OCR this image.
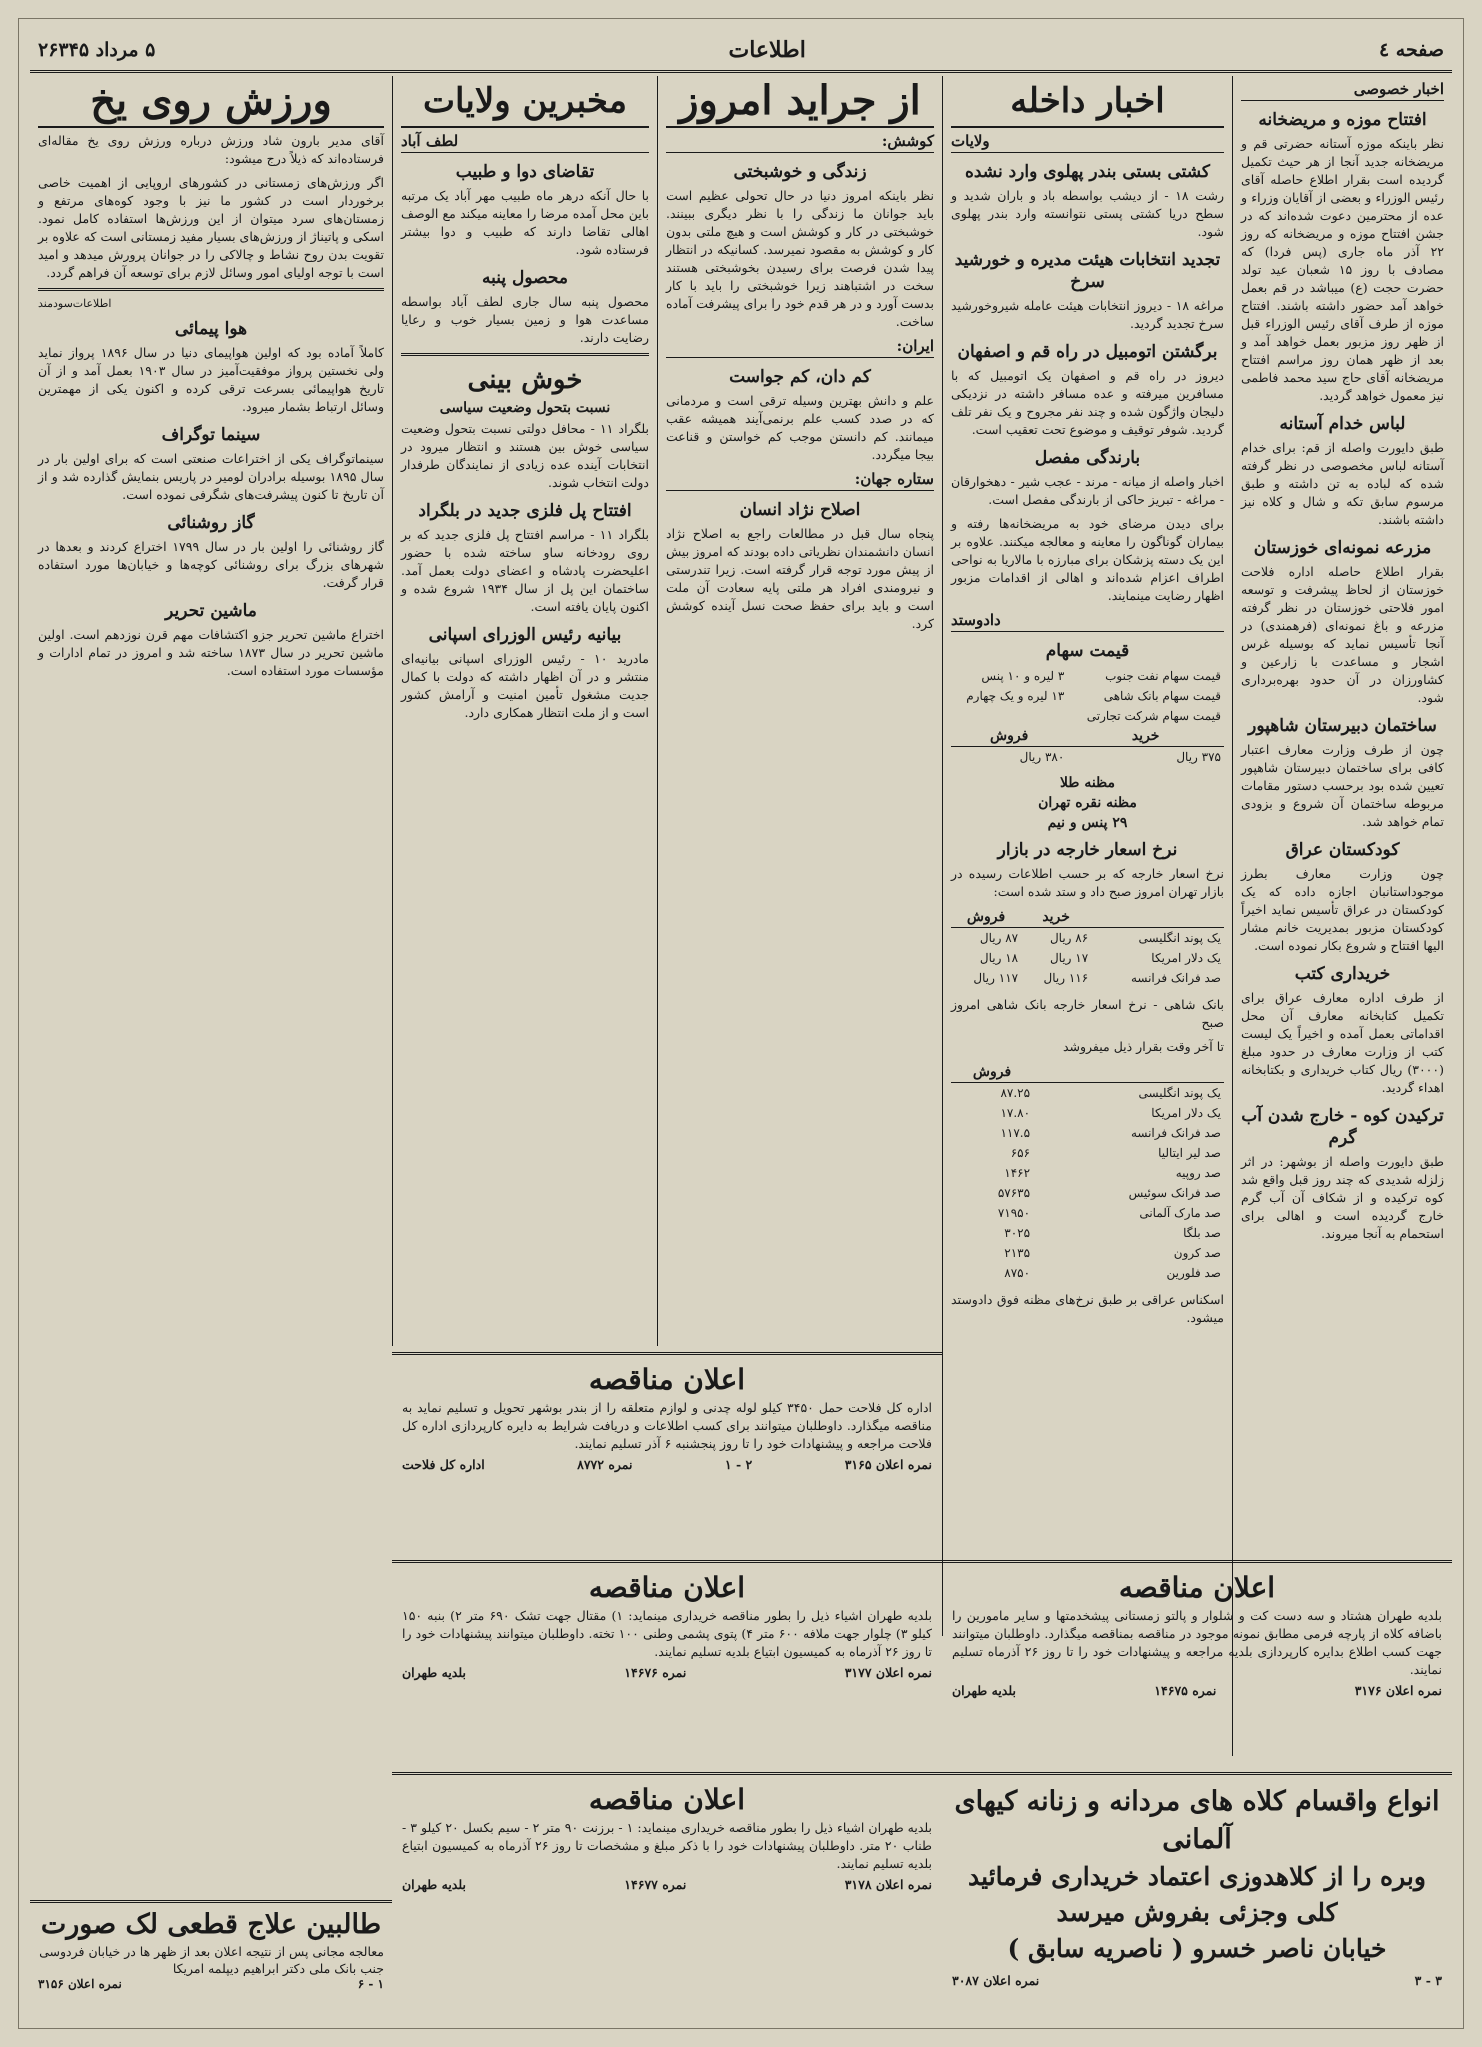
صفحه ٤
اطلاعات
۵ مرداد ۲۶۳۴۵
اخبار خصوصی
افتتاح موزه و مریضخانه

نظر باینکه موزه آستانه حضرتی قم و مریضخانه جدید آنجا از هر حیث تکمیل گردیده است بقرار اطلاع حاصله آقای رئیس الوزراء و بعضی از آقایان وزراء و عده از محترمین دعوت شده‌اند که در جشن افتتاح موزه و مریضخانه که روز ۲۲ آذر ماه جاری (پس فردا) که مصادف با روز ۱۵ شعبان عید تولد حضرت حجت (ع) میباشد در قم بعمل خواهد آمد حضور داشته باشند. افتتاح موزه از طرف آقای رئیس الوزراء قبل از ظهر روز مزبور بعمل خواهد آمد و بعد از ظهر همان روز مراسم افتتاح مریضخانه آقای حاج سید محمد فاطمی نیز معمول خواهد گردید.

لباس خدام آستانه

طبق دایورت واصله از قم: برای خدام آستانه لباس مخصوصی در نظر گرفته شده که لباده به تن داشته و طبق مرسوم سابق تکه و شال و کلاه نیز داشته باشند.

مزرعه نمونه‌ای خوزستان

بقرار اطلاع حاصله اداره فلاحت خوزستان از لحاظ پیشرفت و توسعه امور فلاحتی خوزستان در نظر گرفته مزرعه و باغ نمونه‌ای (فرهمندی) در آنجا تأسیس نماید که بوسیله غرس اشجار و مساعدت با زارعین و کشاورزان در آن حدود بهره‌برداری شود.

ساختمان دبیرستان شاهپور

چون از طرف وزارت معارف اعتبار کافی برای ساختمان دبیرستان شاهپور تعیین شده بود برحسب دستور مقامات مربوطه ساختمان آن شروع و بزودی تمام خواهد شد.

کودکستان عراق

چون وزارت معارف بطرز موجوداستانبان اجازه داده که یک کودکستان در عراق تأسیس نماید اخیراً کودکستان مزبور بمدیریت خانم مشار الیها افتتاح و شروع بکار نموده است.

خریداری کتب

از طرف اداره معارف عراق برای تکمیل کتابخانه معارف آن محل اقداماتی بعمل آمده و اخیراً یک لیست کتب از وزارت معارف در حدود مبلغ (۳۰۰۰) ریال کتاب خریداری و بکتابخانه اهداء گردید.

ترکیدن کوه - خارج شدن آب گرم

طبق دایورت واصله از بوشهر: در اثر زلزله شدیدی که چند روز قبل واقع شد کوه ترکیده و از شکاف آن آب گرم خارج گردیده است و اهالی برای استحمام به آنجا میروند.

اخبار داخله
ولایات
کشتی بستی بندر پهلوی وارد نشده

رشت ۱۸ - از دیشب بواسطه باد و باران شدید و سطح دریا کشتی پستی نتوانسته وارد بندر پهلوی شود.

تجدید انتخابات هیئت مدیره و خورشید سرخ

مراغه ۱۸ - دیروز انتخابات هیئت عامله شیروخورشید سرخ تجدید گردید.

برگشتن اتومبیل در راه قم و اصفهان

دیروز در راه قم و اصفهان یک اتومبیل که با مسافرین میرفته و عده مسافر داشته در نزدیکی دلیجان واژگون شده و چند نفر مجروح و یک نفر تلف گردید. شوفر توقیف و موضوع تحت تعقیب است.

بارندگی مفصل

اخبار واصله از میانه - مرند - عجب شیر - دهخوارقان - مراغه - تبریز حاکی از بارندگی مفصل است.

برای دیدن مرضای خود به مریضخانه‌ها رفته و بیماران گوناگون را معاینه و معالجه میکنند. علاوه بر این یک دسته پزشکان برای مبارزه با مالاریا به نواحی اطراف اعزام شده‌اند و اهالی از اقدامات مزبور اظهار رضایت مینمایند.

دادوستد
قیمت سهام
قیمت سهام نفت جنوب	۳ لیره و ۱۰ پنس
قیمت سهام بانک شاهی	۱۳ لیره و یک چهارم
قیمت سهام شرکت تجارتی	
خرید	فروش
۳۷۵ ریال	۳۸۰ ریال
مظنه طلا
مظنه نقره تهران
۲۹ پنس و نیم
نرخ اسعار خارجه در بازار

نرخ اسعار خارجه که بر حسب اطلاعات رسیده در بازار تهران امروز صبح داد و ستد شده است:

	خرید	فروش
یک پوند انگلیسی	۸۶ ریال	۸۷ ریال
یک دلار امریکا	۱۷ ریال	۱۸ ریال
صد فرانک فرانسه	۱۱۶ ریال	۱۱۷ ریال

بانک شاهی - نرخ اسعار خارجه بانک شاهی امروز صبح

تا آخر وقت بقرار ذیل میفروشد

	فروش
یک پوند انگلیسی	۸۷.۲۵
یک دلار امریکا	۱۷.۸۰
صد فرانک فرانسه	۱۱۷.۵
صد لیر ایتالیا	۶۵۶
صد روپیه	۱۴۶۲
صد فرانک سوئیس	۵۷۶۳۵
صد مارک آلمانی	۷۱۹۵۰
صد بلگا	۳۰۲۵
صد کرون	۲۱۳۵
صد فلورین	۸۷۵۰

اسکناس عراقی بر طبق نرخ‌های مظنه فوق دادوستد میشود.

از جراید امروز
کوشش:
زندگی و خوشبختی

نظر باینکه امروز دنیا در حال تحولی عظیم است باید جوانان ما زندگی را با نظر دیگری ببینند. خوشبختی در کار و کوشش است و هیچ ملتی بدون کار و کوشش به مقصود نمیرسد. کسانیکه در انتظار پیدا شدن فرصت برای رسیدن بخوشبختی هستند سخت در اشتباهند زیرا خوشبختی را باید با کار بدست آورد و در هر قدم خود را برای پیشرفت آماده ساخت.

ایران:
کم دان، کم جواست

علم و دانش بهترین وسیله ترقی است و مردمانی که در صدد کسب علم برنمی‌آیند همیشه عقب میمانند. کم دانستن موجب کم خواستن و قناعت بیجا میگردد.

ستاره جهان:
اصلاح نژاد انسان

پنجاه سال قبل در مطالعات راجع به اصلاح نژاد انسان دانشمندان نظریاتی داده بودند که امروز بیش از پیش مورد توجه قرار گرفته است. زیرا تندرستی و نیرومندی افراد هر ملتی پایه سعادت آن ملت است و باید برای حفظ صحت نسل آینده کوشش کرد.

مخبرین ولایات
لطف آباد
تقاضای دوا و طبیب

با حال آنکه درهر ماه طبیب مهر آباد یک مرتبه باین محل آمده مرضا را معاینه میکند مع الوصف اهالی تقاضا دارند که طبیب و دوا بیشتر فرستاده شود.

محصول پنبه

محصول پنبه سال جاری لطف آباد بواسطه مساعدت هوا و زمین بسیار خوب و رعایا رضایت دارند.

خوش بینی
نسبت بتحول وضعیت سیاسی

بلگراد ۱۱ - محافل دولتی نسبت بتحول وضعیت سیاسی خوش بین هستند و انتظار میرود در انتخابات آینده عده زیادی از نمایندگان طرفدار دولت انتخاب شوند.

افتتاح پل فلزی جدید در بلگراد

بلگراد ۱۱ - مراسم افتتاح پل فلزی جدید که بر روی رودخانه ساو ساخته شده با حضور اعلیحضرت پادشاه و اعضای دولت بعمل آمد. ساختمان این پل از سال ۱۹۳۴ شروع شده و اکنون پایان یافته است.

بیانیه رئیس الوزرای اسپانی

مادرید ۱۰ - رئیس الوزرای اسپانی بیانیه‌ای منتشر و در آن اظهار داشته که دولت با کمال جدیت مشغول تأمین امنیت و آرامش کشور است و از ملت انتظار همکاری دارد.

ورزش روی یخ

آقای مدیر بارون شاد ورزش درباره ورزش روی یخ مقاله‌ای فرستاده‌اند که ذیلاً درج میشود:

اگر ورزش‌های زمستانی در کشورهای اروپایی از اهمیت خاصی برخوردار است در کشور ما نیز با وجود کوه‌های مرتفع و زمستان‌های سرد میتوان از این ورزش‌ها استفاده کامل نمود. اسکی و پاتیناژ از ورزش‌های بسیار مفید زمستانی است که علاوه بر تقویت بدن روح نشاط و چالاکی را در جوانان پرورش میدهد و امید است با توجه اولیای امور وسائل لازم برای توسعه آن فراهم گردد.

اطلاعات‌سودمند
هوا پیمائی

کاملاً آماده بود که اولین هواپیمای دنیا در سال ۱۸۹۶ پرواز نماید ولی نخستین پرواز موفقیت‌آمیز در سال ۱۹۰۳ بعمل آمد و از آن تاریخ هواپیمائی بسرعت ترقی کرده و اکنون یکی از مهمترین وسائل ارتباط بشمار میرود.

سینما توگراف

سینماتوگراف یکی از اختراعات صنعتی است که برای اولین بار در سال ۱۸۹۵ بوسیله برادران لومیر در پاریس بنمایش گذارده شد و از آن تاریخ تا کنون پیشرفت‌های شگرفی نموده است.

گاز روشنائی

گاز روشنائی را اولین بار در سال ۱۷۹۹ اختراع کردند و بعدها در شهرهای بزرگ برای روشنائی کوچه‌ها و خیابان‌ها مورد استفاده قرار گرفت.

ماشین تحریر

اختراع ماشین تحریر جزو اکتشافات مهم قرن نوزدهم است. اولین ماشین تحریر در سال ۱۸۷۳ ساخته شد و امروز در تمام ادارات و مؤسسات مورد استفاده است.

اعلان مناقصه
اداره کل فلاحت حمل ۳۴۵۰ کیلو لوله چدنی و لوازم متعلقه را از بندر بوشهر تحویل و تسلیم نماید به مناقصه میگذارد. داوطلبان میتوانند برای کسب اطلاعات و دریافت شرایط به دایره کارپردازی اداره کل فلاحت مراجعه و پیشنهادات خود را تا روز پنجشنبه ۶ آذر تسلیم نمایند.
نمره اعلان ۳۱۶۵
۲ - ۱
نمره ۸۷۷۲
اداره کل فلاحت
اعلان مناقصه
بلدیه طهران اشیاء ذیل را بطور مناقصه خریداری مینماید: ۱) مقتال جهت تشک ۶۹۰ متر ۲) بنبه ۱۵۰ کیلو ۳) چلوار جهت ملافه ۶۰۰ متر ۴) پتوی پشمی وطنی ۱۰۰ تخته. داوطلبان میتوانند پیشنهادات خود را تا روز ۲۶ آذرماه به کمیسیون ابتیاع بلدیه تسلیم نمایند.
نمره اعلان ۳۱۷۷
نمره ۱۴۶۷۶
بلدیه طهران
اعلان مناقصه
بلدیه طهران اشیاء ذیل را بطور مناقصه خریداری مینماید: ۱ - برزنت ۹۰ متر ۲ - سیم بکسل ۲۰ کیلو ۳ - طناب ۲۰ متر. داوطلبان پیشنهادات خود را با ذکر مبلغ و مشخصات تا روز ۲۶ آذرماه به کمیسیون ابتیاع بلدیه تسلیم نمایند.
نمره اعلان ۳۱۷۸
نمره ۱۴۶۷۷
بلدیه طهران
اعلان مناقصه
بلدیه طهران هشتاد و سه دست کت و شلوار و پالتو زمستانی پیشخدمتها و سایر مامورین را باضافه کلاه از پارچه فرمی مطابق نمونه موجود در مناقصه بمناقصه میگذارد. داوطلبان میتوانند جهت کسب اطلاع بدایره کارپردازی بلدیه مراجعه و پیشنهادات خود را تا روز ۲۶ آذرماه تسلیم نمایند.
نمره اعلان ۳۱۷۶
نمره ۱۴۶۷۵
بلدیه طهران
انواع واقسام کلاه های مردانه و زنانه کیهای آلمانی
وبره را از کلاهدوزی اعتماد خریداری فرمائید
کلی وجزئی بفروش میرسد
خیابان ناصر خسرو ( ناصریه سابق )
۳ - ۳
نمره اعلان ۳۰۸۷
طالبین علاج قطعی لک صورت
معالجه مجانی پس از نتیجه اعلان بعد از ظهر ها در خیابان فردوسی جنب بانک ملی دکتر ابراهیم دیپلمه امریکا
۱ - ۶
نمره اعلان ۳۱۵۶
